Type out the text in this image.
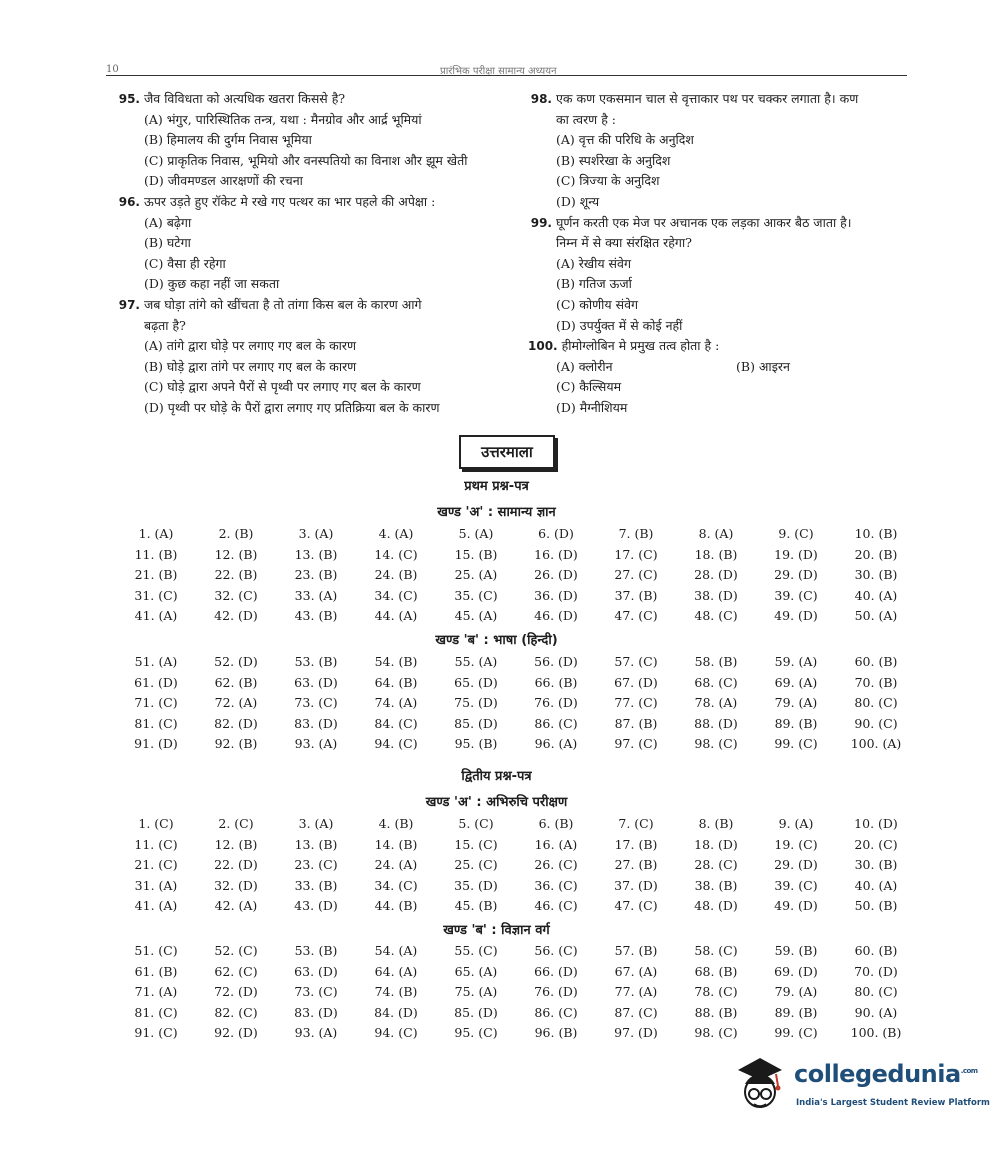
10	प्रारंभिक परीक्षा सामान्य अध्ययन
95. जैव विविधता को अत्यधिक खतरा किससे है?
(A) भंगुर, पारिस्थितिक तन्त्र, यथा : मैनग्रोव और आर्द्र भूमियां
(B) हिमालय की दुर्गम निवास भूमिया
(C) प्राकृतिक निवास, भूमियो और वनस्पतियो का विनाश और झूम खेती
(D) जीवमण्डल आरक्षणों की रचना
96. ऊपर उड़ते हुए रॉकेट मे रखे गए पत्थर का भार पहले की अपेक्षा :
(A) बढ़ेगा
(B) घटेगा
(C) वैसा ही रहेगा
(D) कुछ कहा नहीं जा सकता
97. जब घोड़ा तांगे को खींचता है तो तांगा किस बल के कारण आगे
बढ़ता है?
(A) तांगे द्वारा घोड़े पर लगाए गए बल के कारण
(B) घोड़े द्वारा तांगे पर लगाए गए बल के कारण
(C) घोड़े द्वारा अपने पैरों से पृथ्वी पर लगाए गए बल के कारण
(D) पृथ्वी पर घोड़े के पैरों द्वारा लगाए गए प्रतिक्रिया बल के कारण
98. एक कण एकसमान चाल से वृत्ताकार पथ पर चक्कर लगाता है। कण
का त्वरण है :
(A) वृत्त की परिधि के अनुदिश
(B) स्पर्शरेखा के अनुदिश
(C) त्रिज्या के अनुदिश
(D) शून्य
99. घूर्णन करती एक मेज पर अचानक एक लड़का आकर बैठ जाता है।
निम्न में से क्या संरक्षित रहेगा?
(A) रेखीय संवेग
(B) गतिज ऊर्जा
(C) कोणीय संवेग
(D) उपर्युक्त में से कोई नहीं
100. हीमोग्लोबिन मे प्रमुख तत्व होता है :
(A) क्लोरीन	(B) आइरन
(C) कैल्सियम
(D) मैग्नीशियम
उत्तरमाला
प्रथम प्रश्न-पत्र
खण्ड 'अ' : सामान्य ज्ञान
1. (A)	2. (B)	3. (A)	4. (A)	5. (A)	6. (D)	7. (B)	8. (A)	9. (C)	10. (B)
11. (B)	12. (B)	13. (B)	14. (C)	15. (B)	16. (D)	17. (C)	18. (B)	19. (D)	20. (B)
21. (B)	22. (B)	23. (B)	24. (B)	25. (A)	26. (D)	27. (C)	28. (D)	29. (D)	30. (B)
31. (C)	32. (C)	33. (A)	34. (C)	35. (C)	36. (D)	37. (B)	38. (D)	39. (C)	40. (A)
41. (A)	42. (D)	43. (B)	44. (A)	45. (A)	46. (D)	47. (C)	48. (C)	49. (D)	50. (A)
खण्ड 'ब' : भाषा (हिन्दी)
51. (A)	52. (D)	53. (B)	54. (B)	55. (A)	56. (D)	57. (C)	58. (B)	59. (A)	60. (B)
61. (D)	62. (B)	63. (D)	64. (B)	65. (D)	66. (B)	67. (D)	68. (C)	69. (A)	70. (B)
71. (C)	72. (A)	73. (C)	74. (A)	75. (D)	76. (D)	77. (C)	78. (A)	79. (A)	80. (C)
81. (C)	82. (D)	83. (D)	84. (C)	85. (D)	86. (C)	87. (B)	88. (D)	89. (B)	90. (C)
91. (D)	92. (B)	93. (A)	94. (C)	95. (B)	96. (A)	97. (C)	98. (C)	99. (C)	100. (A)
द्वितीय प्रश्न-पत्र
खण्ड 'अ' : अभिरुचि परीक्षण
1. (C)	2. (C)	3. (A)	4. (B)	5. (C)	6. (B)	7. (C)	8. (B)	9. (A)	10. (D)
11. (C)	12. (B)	13. (B)	14. (B)	15. (C)	16. (A)	17. (B)	18. (D)	19. (C)	20. (C)
21. (C)	22. (D)	23. (C)	24. (A)	25. (C)	26. (C)	27. (B)	28. (C)	29. (D)	30. (B)
31. (A)	32. (D)	33. (B)	34. (C)	35. (D)	36. (C)	37. (D)	38. (B)	39. (C)	40. (A)
41. (A)	42. (A)	43. (D)	44. (B)	45. (B)	46. (C)	47. (C)	48. (D)	49. (D)	50. (B)
खण्ड 'ब' : विज्ञान वर्ग
51. (C)	52. (C)	53. (B)	54. (A)	55. (C)	56. (C)	57. (B)	58. (C)	59. (B)	60. (B)
61. (B)	62. (C)	63. (D)	64. (A)	65. (A)	66. (D)	67. (A)	68. (B)	69. (D)	70. (D)
71. (A)	72. (D)	73. (C)	74. (B)	75. (A)	76. (D)	77. (A)	78. (C)	79. (A)	80. (C)
81. (C)	82. (C)	83. (D)	84. (D)	85. (D)	86. (C)	87. (C)	88. (B)	89. (B)	90. (A)
91. (C)	92. (D)	93. (A)	94. (C)	95. (C)	96. (B)	97. (D)	98. (C)	99. (C)	100. (B)
collegedunia$^{.com}$
India's Largest Student Review Platform
